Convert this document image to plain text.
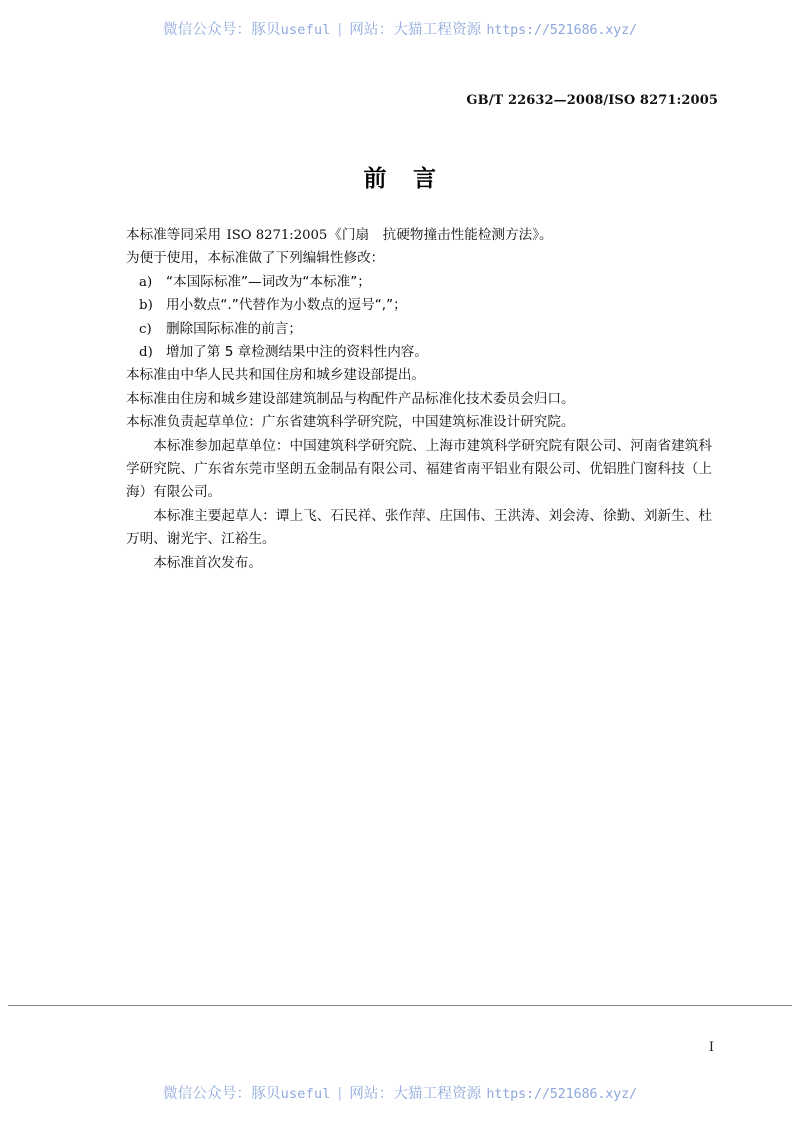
微信公众号：豚贝useful | 网站：大猫工程资源 https://521686.xyz/
GB/T 22632—2008/ISO 8271:2005
前 言

本标准等同采用 ISO 8271:2005《门扇　抗硬物撞击性能检测方法》。

为便于使用，本标准做了下列编辑性修改：

a)	“本国际标准”—词改为“本标准”；
b) 用小数点“.”代替作为小数点的逗号“,”；
c)	删除国际标准的前言；
d) 增加了第 5 章检测结果中注的资料性内容。

本标准由中华人民共和国住房和城乡建设部提出。

本标准由住房和城乡建设部建筑制品与构配件产品标准化技术委员会归口。

本标准负责起草单位：广东省建筑科学研究院，中国建筑标准设计研究院。

本标准参加起草单位：中国建筑科学研究院、上海市建筑科学研究院有限公司、河南省建筑科学研究院、广东省东莞市坚朗五金制品有限公司、福建省南平铝业有限公司、优铝胜门窗科技（上海）有限公司。

本标准主要起草人：谭上飞、石民祥、张作萍、庄国伟、王洪涛、刘会涛、徐勤、刘新生、杜万明、谢光宇、江裕生。

本标准首次发布。

I
微信公众号：豚贝useful | 网站：大猫工程资源 https://521686.xyz/
